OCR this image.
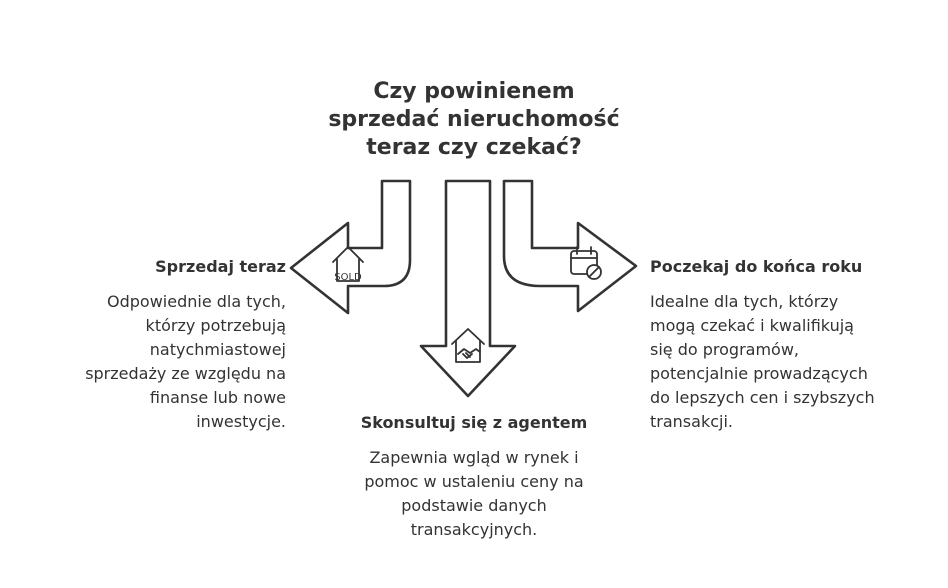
Czy powinienem
sprzedać nieruchomość
teraz czy czekać?
SOLD
Sprzedaj teraz

Odpowiednie dla tych,
którzy potrzebują
natychmiastowej
sprzedaży ze względu na
finanse lub nowe
inwestycje.	Skonsultuj się z agentem

Zapewnia wgląd w rynek i
pomoc w ustaleniu ceny na
podstawie danych
transakcyjnych.

Poczekaj do końca roku

Idealne dla tych, którzy
mogą czekać i kwalifikują
się do programów,
potencjalnie prowadzących
do lepszych cen i szybszych
transakcji.
